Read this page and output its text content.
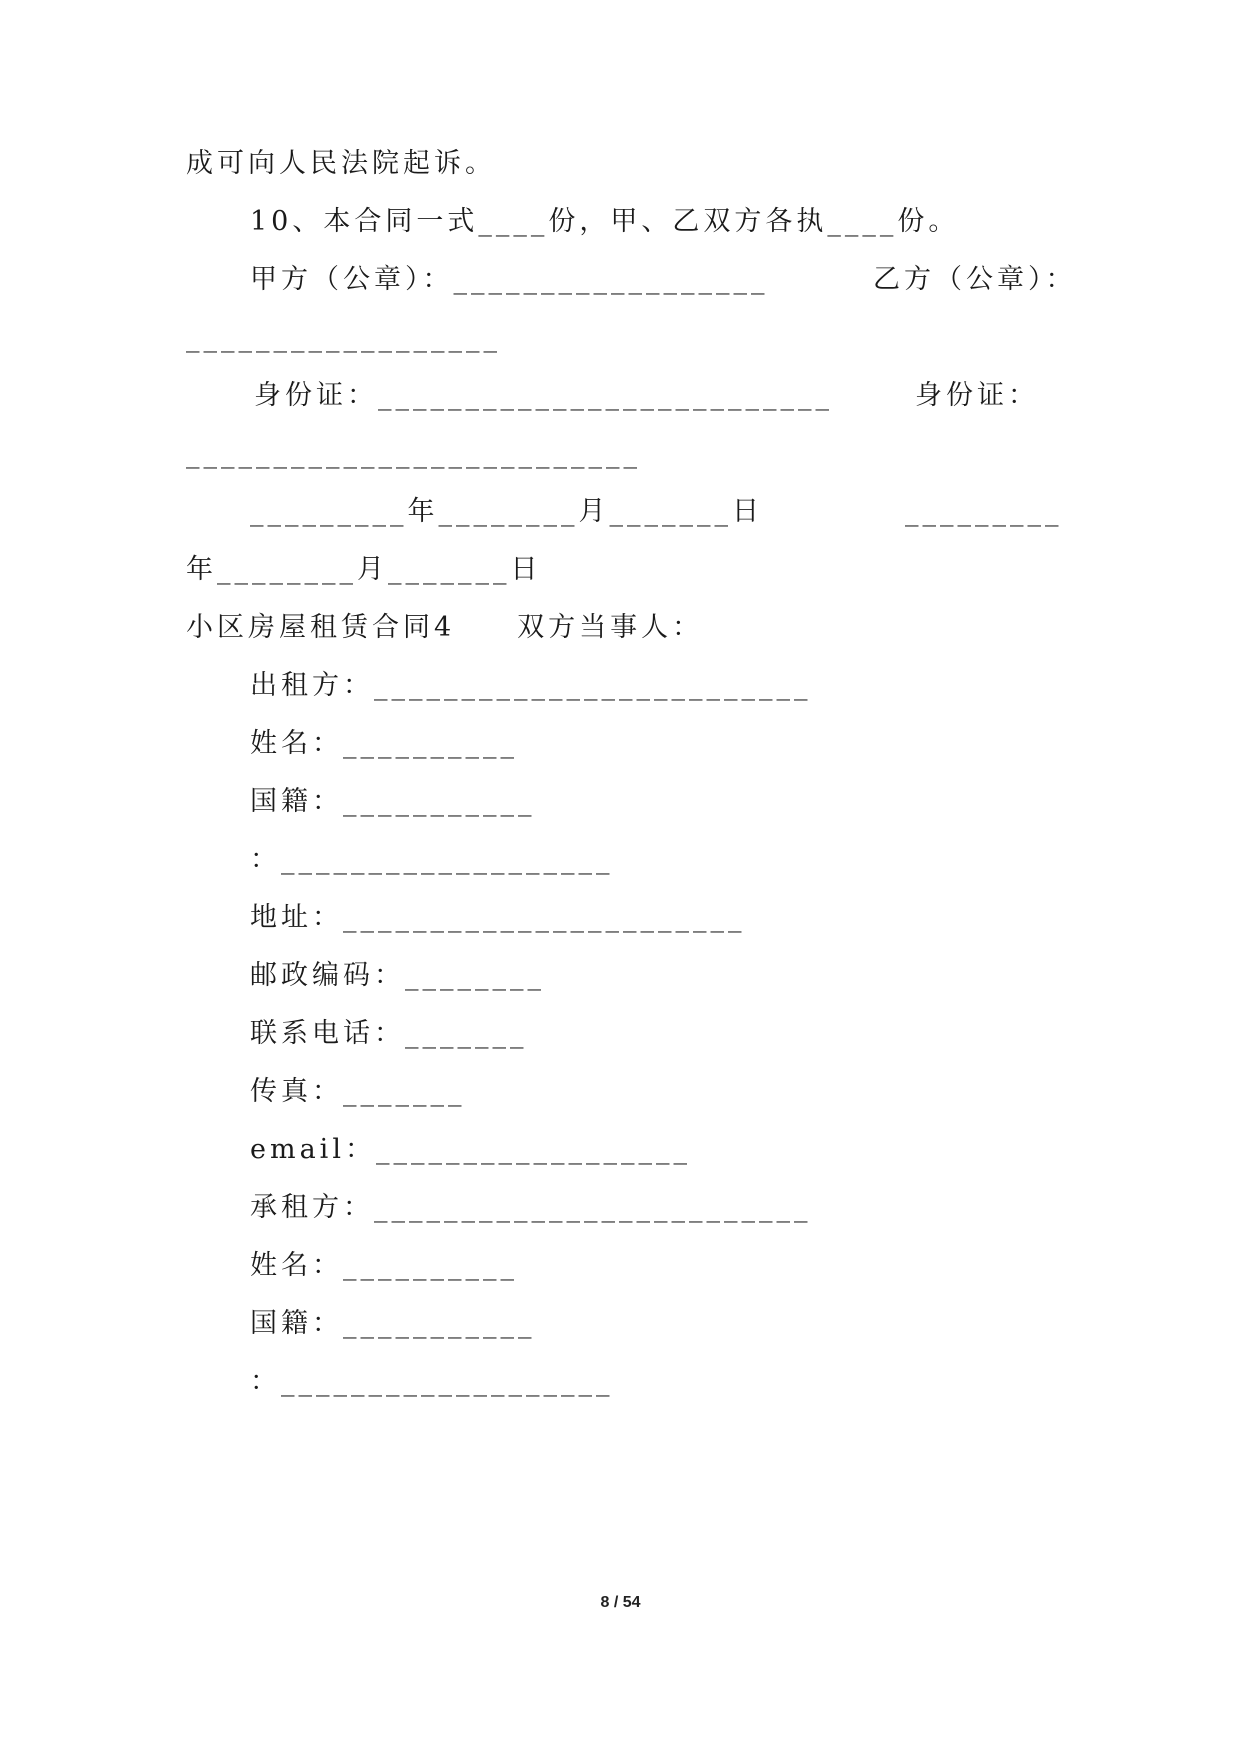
成可向人民法院起诉。
10、本合同一式____份，甲、乙双方各执____份。
甲方（公章）：__________________	乙方（公章）：
__________________
身份证：__________________________	身份证：
__________________________
_________年________月_______日	_________
年________月_______日
小区房屋租赁合同4　　双方当事人：
出租方：_________________________
姓名：__________
国籍：___________
：___________________
地址：_______________________
邮政编码：________
联系电话：_______
传真：_______
email：__________________
承租方：_________________________
姓名：__________
国籍：___________
：___________________
8 / 54
